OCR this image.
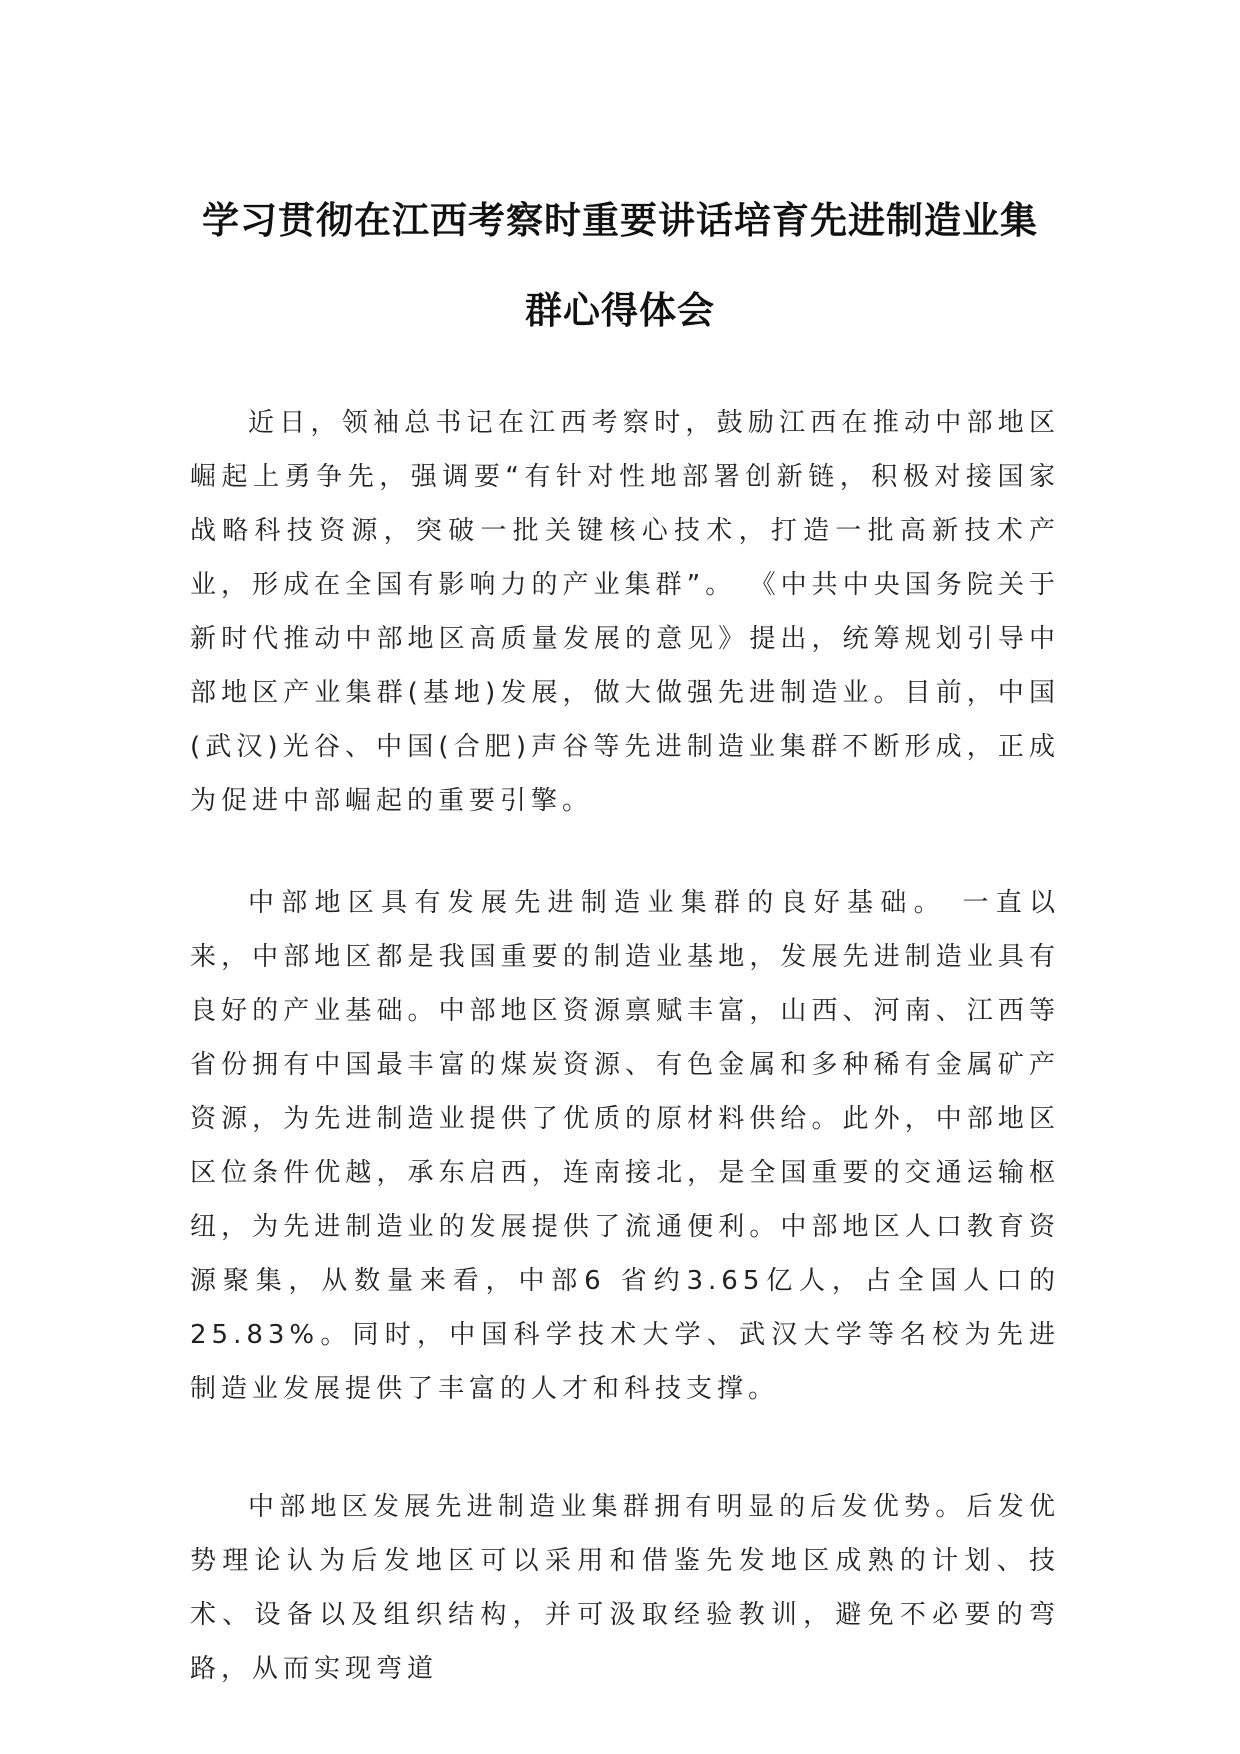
学习贯彻在江西考察时重要讲话培育先进制造业集
群心得体会

近日，领袖总书记在江西考察时，鼓励江西在推动中部地区崛起上勇争先，强调要“有针对性地部署创新链，积极对接国家战略科技资源，突破一批关键核心技术，打造一批高新技术产业，形成在全国有影响力的产业集群”。 《中共中央国务院关于新时代推动中部地区高质量发展的意见》提出，统筹规划引导中部地区产业集群(基地)发展，做大做强先进制造业。目前，中国(武汉)光谷、中国(合肥)声谷等先进制造业集群不断形成，正成为促进中部崛起的重要引擎。

中部地区具有发展先进制造业集群的良好基础。 一直以来，中部地区都是我国重要的制造业基地，发展先进制造业具有良好的产业基础。中部地区资源禀赋丰富，山西、河南、江西等省份拥有中国最丰富的煤炭资源、有色金属和多种稀有金属矿产资源，为先进制造业提供了优质的原材料供给。此外，中部地区区位条件优越，承东启西，连南接北，是全国重要的交通运输枢纽，为先进制造业的发展提供了流通便利。中部地区人口教育资源聚集，从数量来看，中部6 省约3.65亿人，占全国人口的25.83%。同时，中国科学技术大学、武汉大学等名校为先进制造业发展提供了丰富的人才和科技支撑。

中部地区发展先进制造业集群拥有明显的后发优势。后发优势理论认为后发地区可以采用和借鉴先发地区成熟的计划、技术、设备以及组织结构，并可汲取经验教训，避免不必要的弯路，从而实现弯道
